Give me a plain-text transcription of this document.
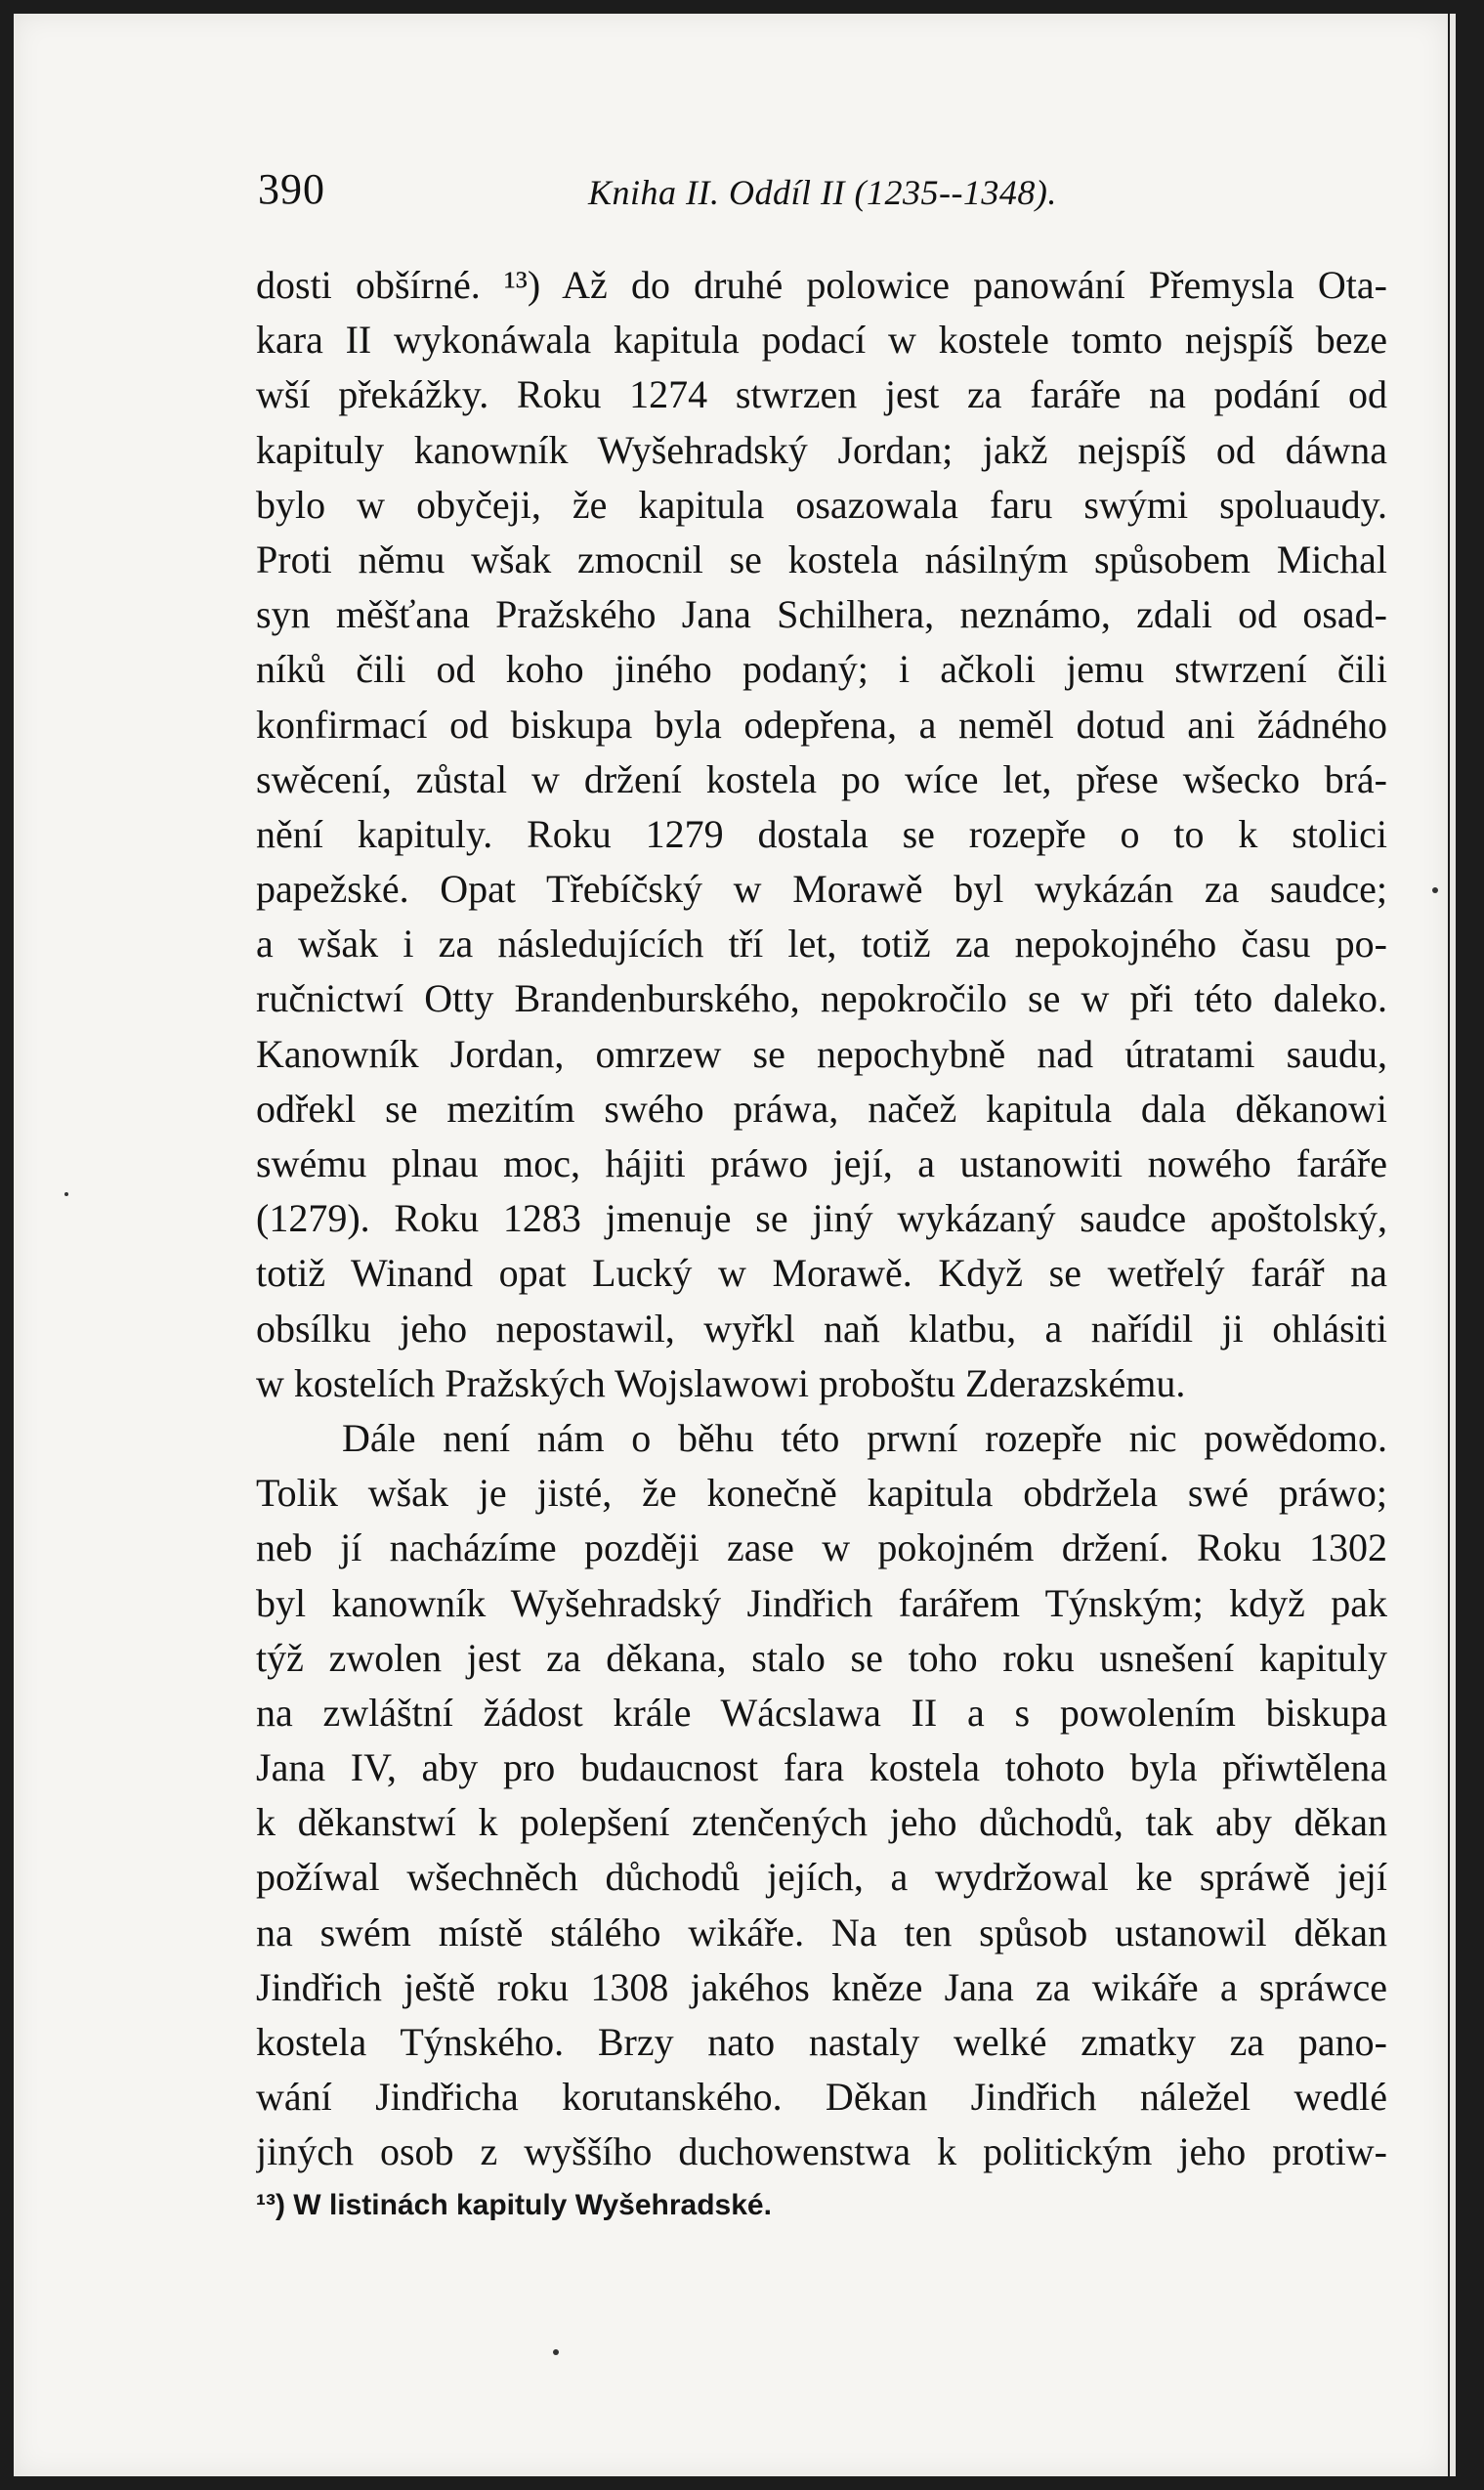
390	Kniha II. Oddíl II (1235--1348).
dosti obšírné. ¹³) Až do druhé polowice panowání Přemysla Ota-
kara II wykonáwala kapitula podací w kostele tomto nejspíš beze
wší překážky. Roku 1274 stwrzen jest za faráře na podání od
kapituly kanowník Wyšehradský Jordan; jakž nejspíš od dáwna
bylo w obyčeji, že kapitula osazowala faru swými spoluaudy.
Proti němu wšak zmocnil se kostela násilným spůsobem Michal
syn měšťana Pražského Jana Schilhera, neznámo, zdali od osad-
níků čili od koho jiného podaný; i ačkoli jemu stwrzení čili
konfirmací od biskupa byla odepřena, a neměl dotud ani žádného
swěcení, zůstal w držení kostela po wíce let, přese wšecko brá-
nění kapituly. Roku 1279 dostala se rozepře o to k stolici
papežské. Opat Třebíčský w Morawě byl wykázán za saudce;
a wšak i za následujících tří let, totiž za nepokojného času po-
ručnictwí Otty Brandenburského, nepokročilo se w při této daleko.
Kanowník Jordan, omrzew se nepochybně nad útratami saudu,
odřekl se mezitím swého práwa, načež kapitula dala děkanowi
swému plnau moc, hájiti práwo její, a ustanowiti nowého faráře
(1279). Roku 1283 jmenuje se jiný wykázaný saudce apoštolský,
totiž Winand opat Lucký w Morawě. Když se wetřelý farář na
obsílku jeho nepostawil, wyřkl naň klatbu, a nařídil ji ohlásiti
w kostelích Pražských Wojslawowi proboštu Zderazskému.
Dále není nám o běhu této prwní rozepře nic powědomo.
Tolik wšak je jisté, že konečně kapitula obdržela swé práwo;
neb jí nacházíme později zase w pokojném držení. Roku 1302
byl kanowník Wyšehradský Jindřich farářem Týnským; když pak
týž zwolen jest za děkana, stalo se toho roku usnešení kapituly
na zwláštní žádost krále Wácslawa II a s powolením biskupa
Jana IV, aby pro budaucnost fara kostela tohoto byla přiwtělena
k děkanstwí k polepšení ztenčených jeho důchodů, tak aby děkan
požíwal wšechněch důchodů jejích, a wydržowal ke spráwě její
na swém místě stálého wikáře. Na ten spůsob ustanowil děkan
Jindřich ještě roku 1308 jakéhos kněze Jana za wikáře a spráwce
kostela Týnského. Brzy nato nastaly welké zmatky za pano-
wání Jindřicha korutanského. Děkan Jindřich náležel wedlé
jiných osob z wyššího duchowenstwa k politickým jeho protiw-
¹³) W listinách kapituly Wyšehradské.
